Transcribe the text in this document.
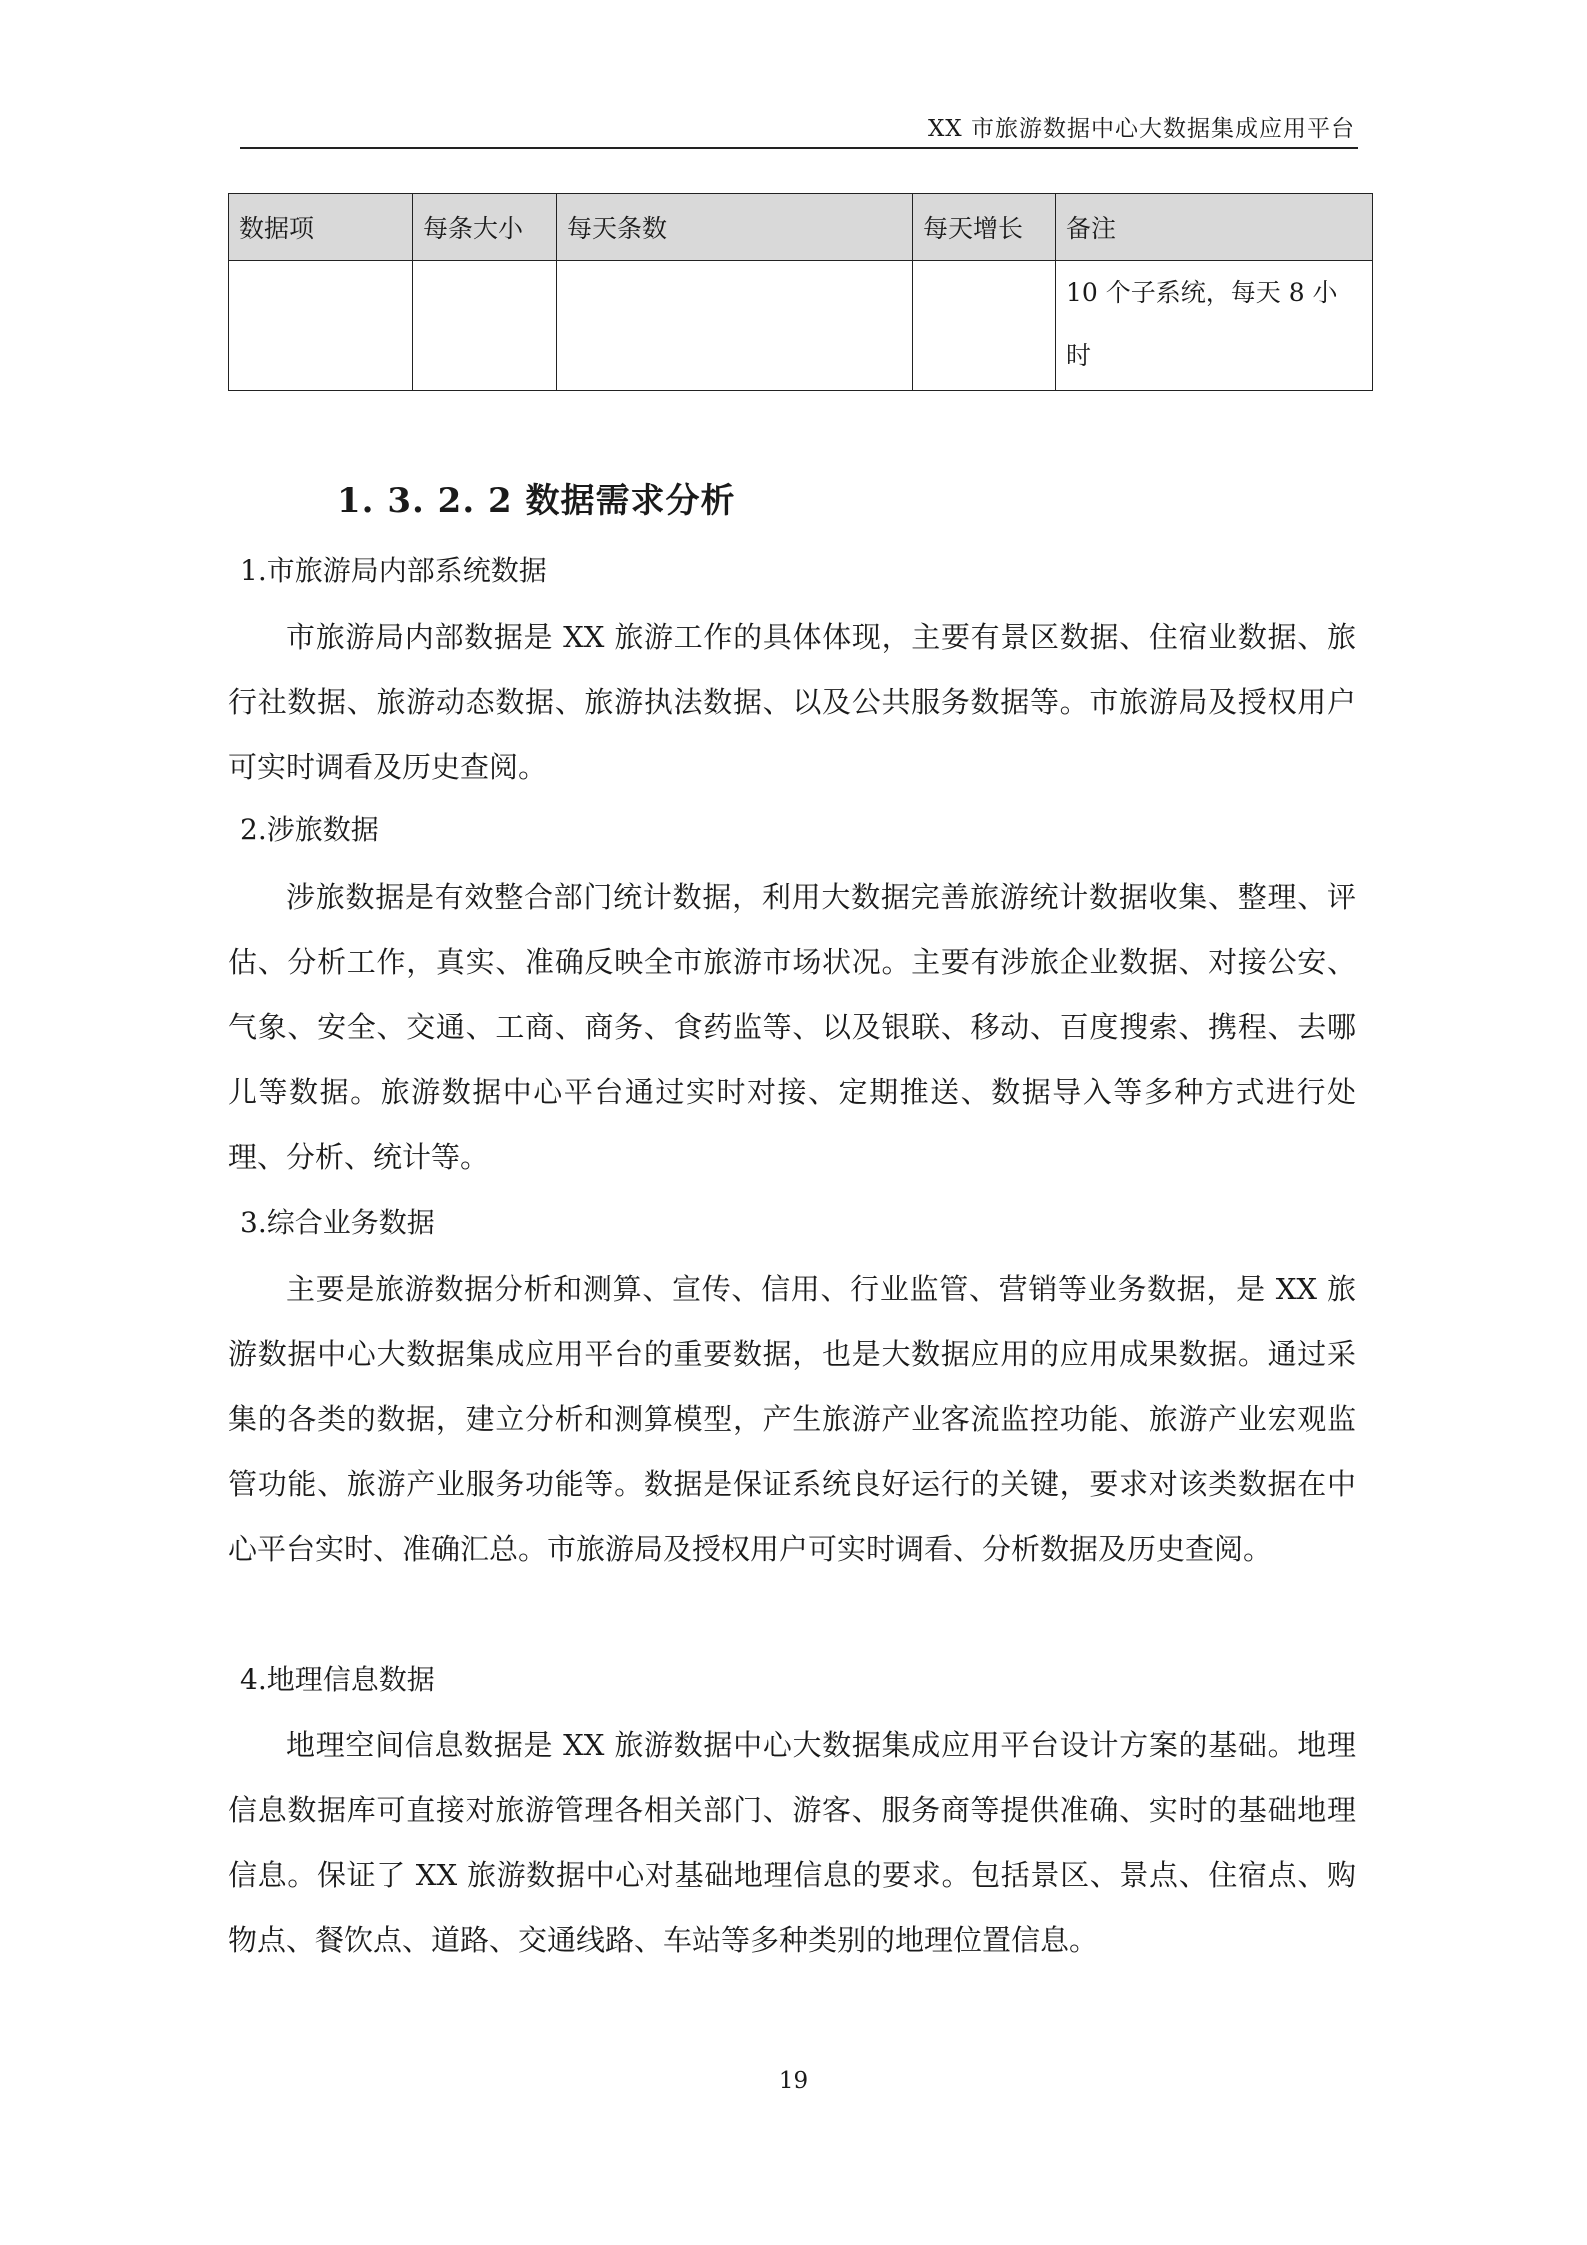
XX 市旅游数据中心大数据集成应用平台
数据项	每条大小	每天条数	每天增长	备注
				10 个子系统，每天 8 小时
1. 3. 2. 2 数据需求分析
1.市旅游局内部系统数据

市旅游局内部数据是 XX 旅游工作的具体体现，主要有景区数据、住宿业数据、旅行社数据、旅游动态数据、旅游执法数据、以及公共服务数据等。市旅游局及授权用户可实时调看及历史查阅。

2.涉旅数据

涉旅数据是有效整合部门统计数据，利用大数据完善旅游统计数据收集、整理、评估、分析工作，真实、准确反映全市旅游市场状况。主要有涉旅企业数据、对接公安、气象、安全、交通、工商、商务、食药监等、以及银联、移动、百度搜索、携程、去哪儿等数据。旅游数据中心平台通过实时对接、定期推送、数据导入等多种方式进行处理、分析、统计等。

3.综合业务数据

主要是旅游数据分析和测算、宣传、信用、行业监管、营销等业务数据，是 XX 旅游数据中心大数据集成应用平台的重要数据，也是大数据应用的应用成果数据。通过采集的各类的数据，建立分析和测算模型，产生旅游产业客流监控功能、旅游产业宏观监管功能、旅游产业服务功能等。数据是保证系统良好运行的关键，要求对该类数据在中心平台实时、准确汇总。市旅游局及授权用户可实时调看、分析数据及历史查阅。

4.地理信息数据

地理空间信息数据是 XX 旅游数据中心大数据集成应用平台设计方案的基础。地理信息数据库可直接对旅游管理各相关部门、游客、服务商等提供准确、实时的基础地理信息。保证了 XX 旅游数据中心对基础地理信息的要求。包括景区、景点、住宿点、购物点、餐饮点、道路、交通线路、车站等多种类别的地理位置信息。

19
